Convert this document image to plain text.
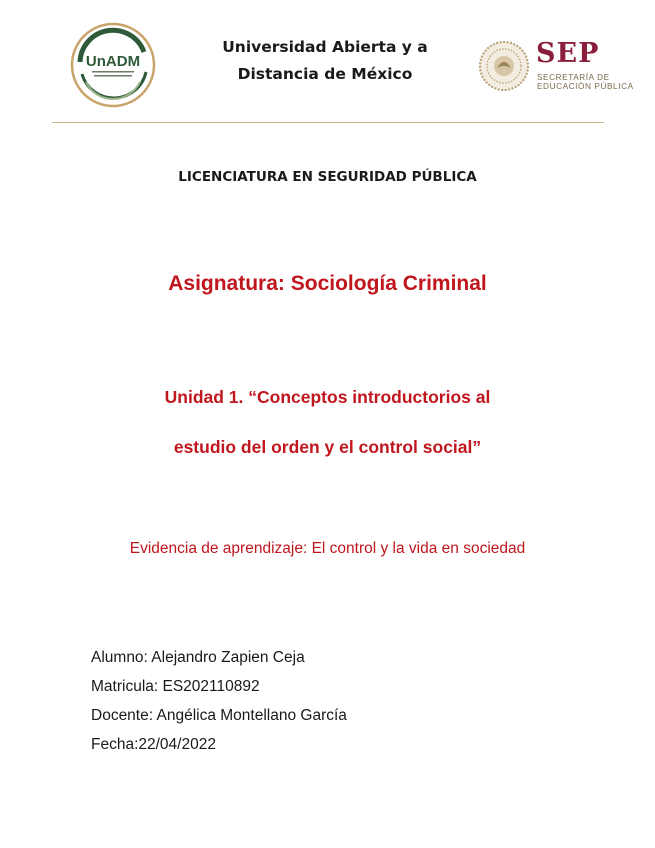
UnADM
Universidad Abierta y a
Distancia de México
SEP
SECRETARÍA DE
EDUCACIÓN PÚBLICA
LICENCIATURA EN SEGURIDAD PÚBLICA
Asignatura: Sociología Criminal
Unidad 1. “Conceptos introductorios al
estudio del orden y el control social”
Evidencia de aprendizaje: El control y la vida en sociedad
Alumno: Alejandro Zapien Ceja
Matricula: ES202110892
Docente: Angélica Montellano García
Fecha:22/04/2022
